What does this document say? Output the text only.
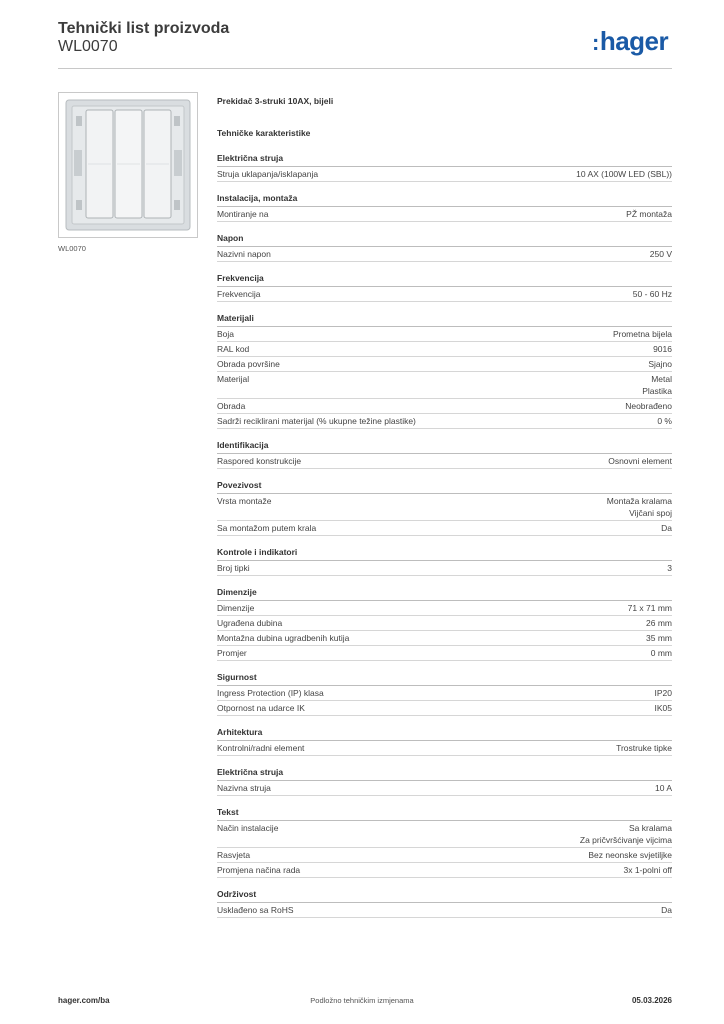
Tehnički list proizvoda
WL0070	:hager
WL0070
Prekidač 3-struki 10AX, bijeli
Tehničke karakteristike
Električna struja
Struja uklapanja/isklapanja	10 AX (100W LED (SBL))
Instalacija, montaža
Montiranje na	PŽ montaža
Napon
Nazivni napon	250 V
Frekvencija
Frekvencija	50 - 60 Hz
Materijali
Boja	Prometna bijela
RAL kod	9016
Obrada površine	Sjajno
Materijal	Metal
Plastika
Obrada	Neobrađeno
Sadrži reciklirani materijal (% ukupne težine plastike)	0 %
Identifikacija
Raspored konstrukcije	Osnovni element
Povezivost
Vrsta montaže	Montaža kralama
Vijčani spoj
Sa montažom putem krala	Da
Kontrole i indikatori
Broj tipki	3
Dimenzije
Dimenzije	71 x 71 mm
Ugrađena dubina	26 mm
Montažna dubina ugradbenih kutija	35 mm
Promjer	0 mm
Sigurnost
Ingress Protection (IP) klasa	IP20
Otpornost na udarce IK	IK05
Arhitektura
Kontrolni/radni element	Trostruke tipke
Električna struja
Nazivna struja	10 A
Tekst
Način instalacije	Sa kralama
Za pričvršćivanje vijcima
Rasvjeta	Bez neonske svjetiljke
Promjena načina rada	3x 1-polni off
Održivost
Usklađeno sa RoHS	Da
hager.com/ba	Podložno tehničkim izmjenama	05.03.2026
